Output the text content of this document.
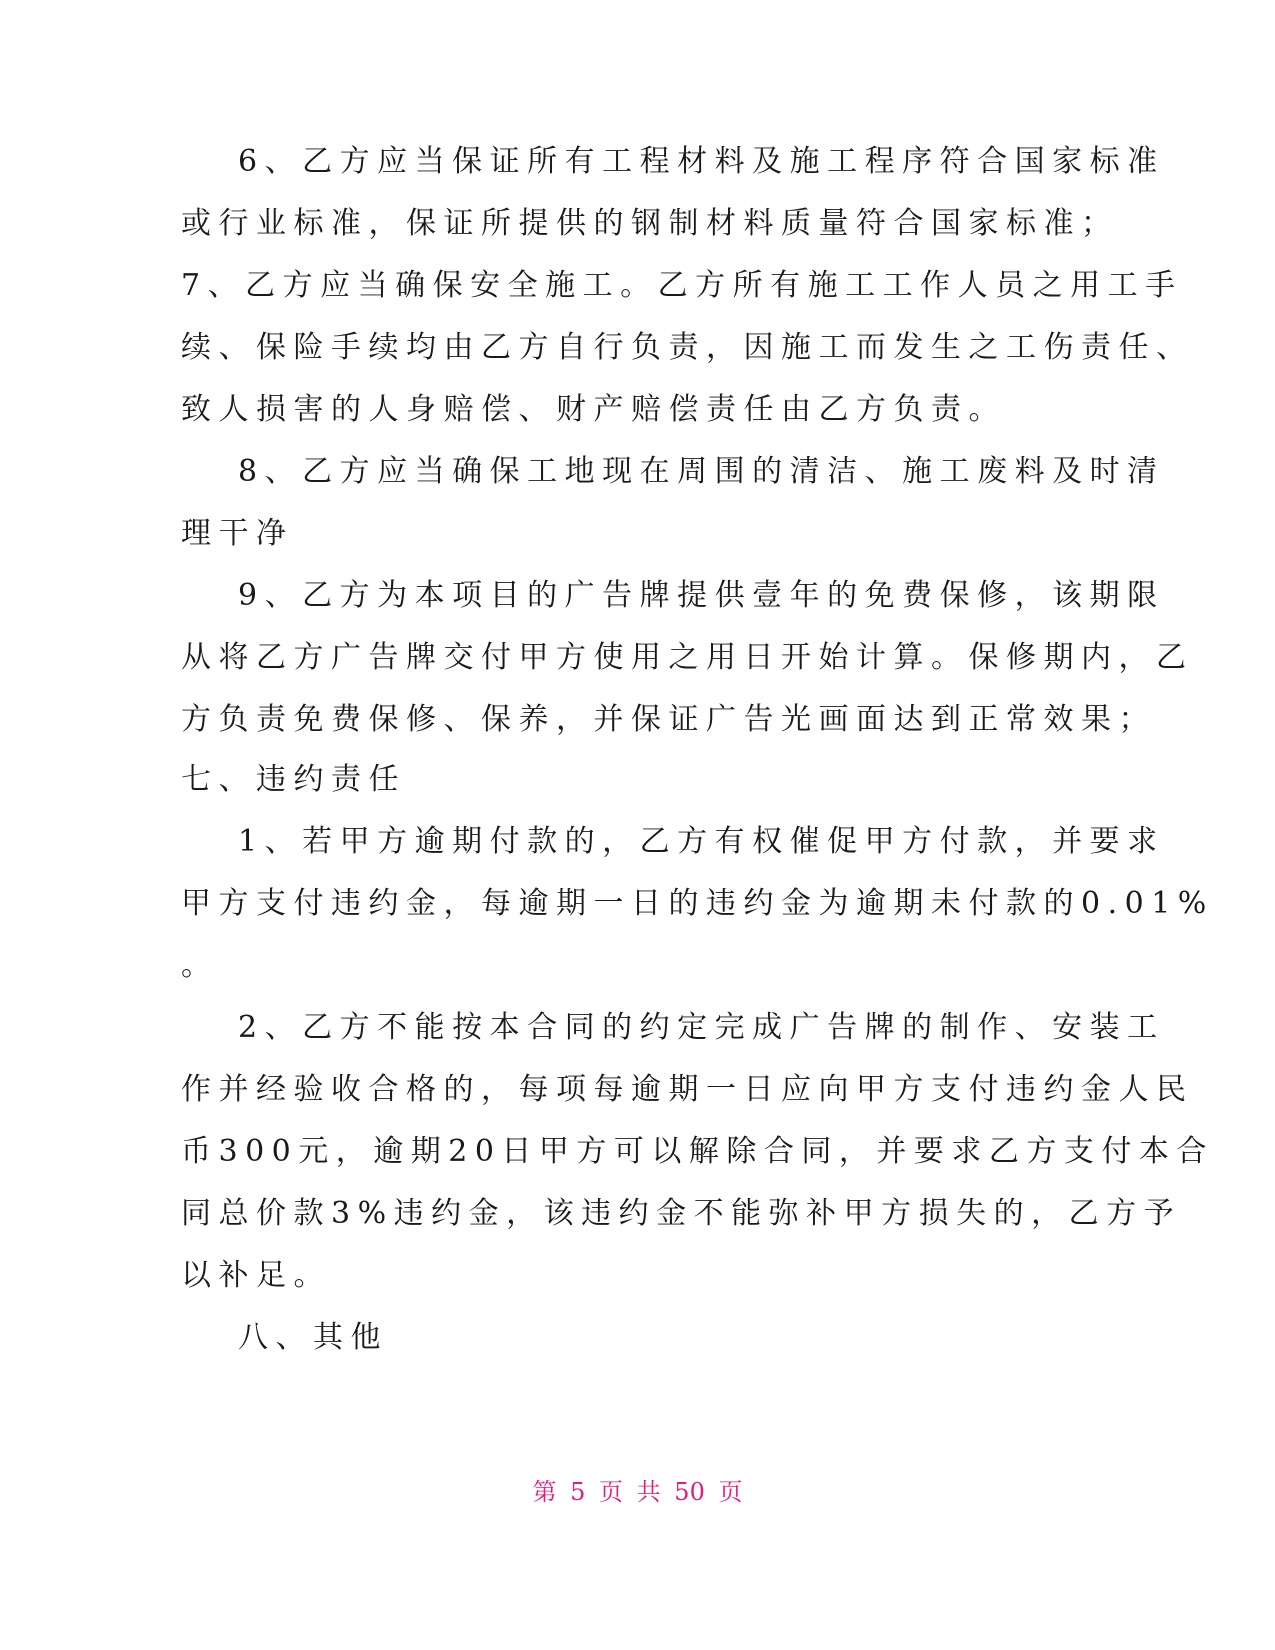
6、乙方应当保证所有工程材料及施工程序符合国家标准
或行业标准，保证所提供的钢制材料质量符合国家标准；
7、乙方应当确保安全施工。乙方所有施工工作人员之用工手
续、保险手续均由乙方自行负责，因施工而发生之工伤责任、
致人损害的人身赔偿、财产赔偿责任由乙方负责。
8、乙方应当确保工地现在周围的清洁、施工废料及时清
理干净
9、乙方为本项目的广告牌提供壹年的免费保修，该期限
从将乙方广告牌交付甲方使用之用日开始计算。保修期内，乙
方负责免费保修、保养，并保证广告光画面达到正常效果；
七、违约责任
1、若甲方逾期付款的，乙方有权催促甲方付款，并要求
甲方支付违约金，每逾期一日的违约金为逾期未付款的0.01%
。
2、乙方不能按本合同的约定完成广告牌的制作、安装工
作并经验收合格的，每项每逾期一日应向甲方支付违约金人民
币300元，逾期20日甲方可以解除合同，并要求乙方支付本合
同总价款3%违约金，该违约金不能弥补甲方损失的，乙方予
以补足。
八、其他
第 5 页 共 50 页
